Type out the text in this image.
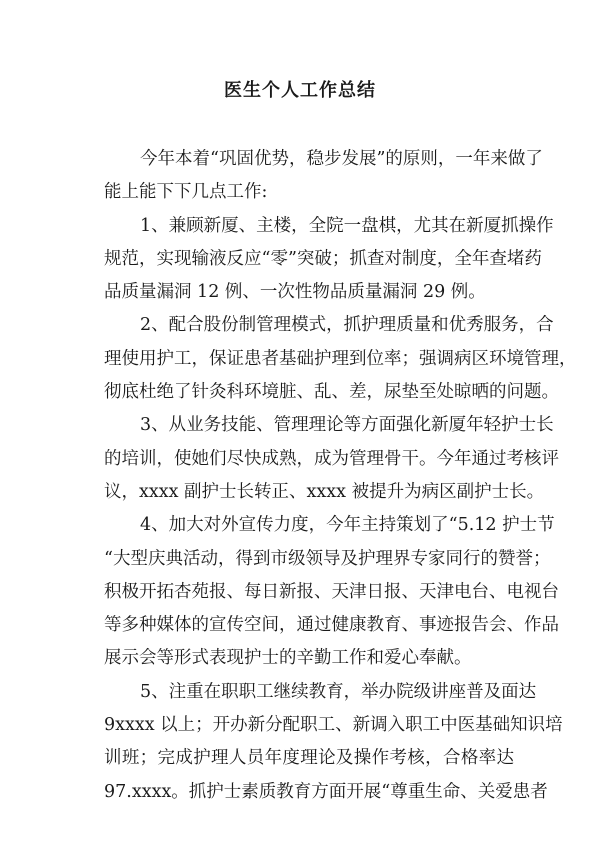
医生个人工作总结
今年本着“巩固优势，稳步发展”的原则，一年来做了
能上能下下几点工作:
1、兼顾新厦、主楼，全院一盘棋，尤其在新厦抓操作
规范，实现输液反应“零”突破；抓查对制度，全年查堵药
品质量漏洞 12 例、一次性物品质量漏洞 29 例。
2、配合股份制管理模式，抓护理质量和优秀服务，合
理使用护工，保证患者基础护理到位率；强调病区环境管理，
彻底杜绝了针灸科环境脏、乱、差，尿垫至处晾晒的问题。
3、从业务技能、管理理论等方面强化新厦年轻护士长
的培训，使她们尽快成熟，成为管理骨干。今年通过考核评
议，xxxx 副护士长转正、xxxx 被提升为病区副护士长。
4、加大对外宣传力度，今年主持策划了“5.12 护士节
“大型庆典活动，得到市级领导及护理界专家同行的赞誉；
积极开拓杏苑报、每日新报、天津日报、天津电台、电视台
等多种媒体的宣传空间，通过健康教育、事迹报告会、作品
展示会等形式表现护士的辛勤工作和爱心奉献。
5、注重在职职工继续教育，举办院级讲座普及面达
9xxxx 以上；开办新分配职工、新调入职工中医基础知识培
训班；完成护理人员年度理论及操作考核，合格率达
97.xxxx。抓护士素质教育方面开展“尊重生命、关爱患者
